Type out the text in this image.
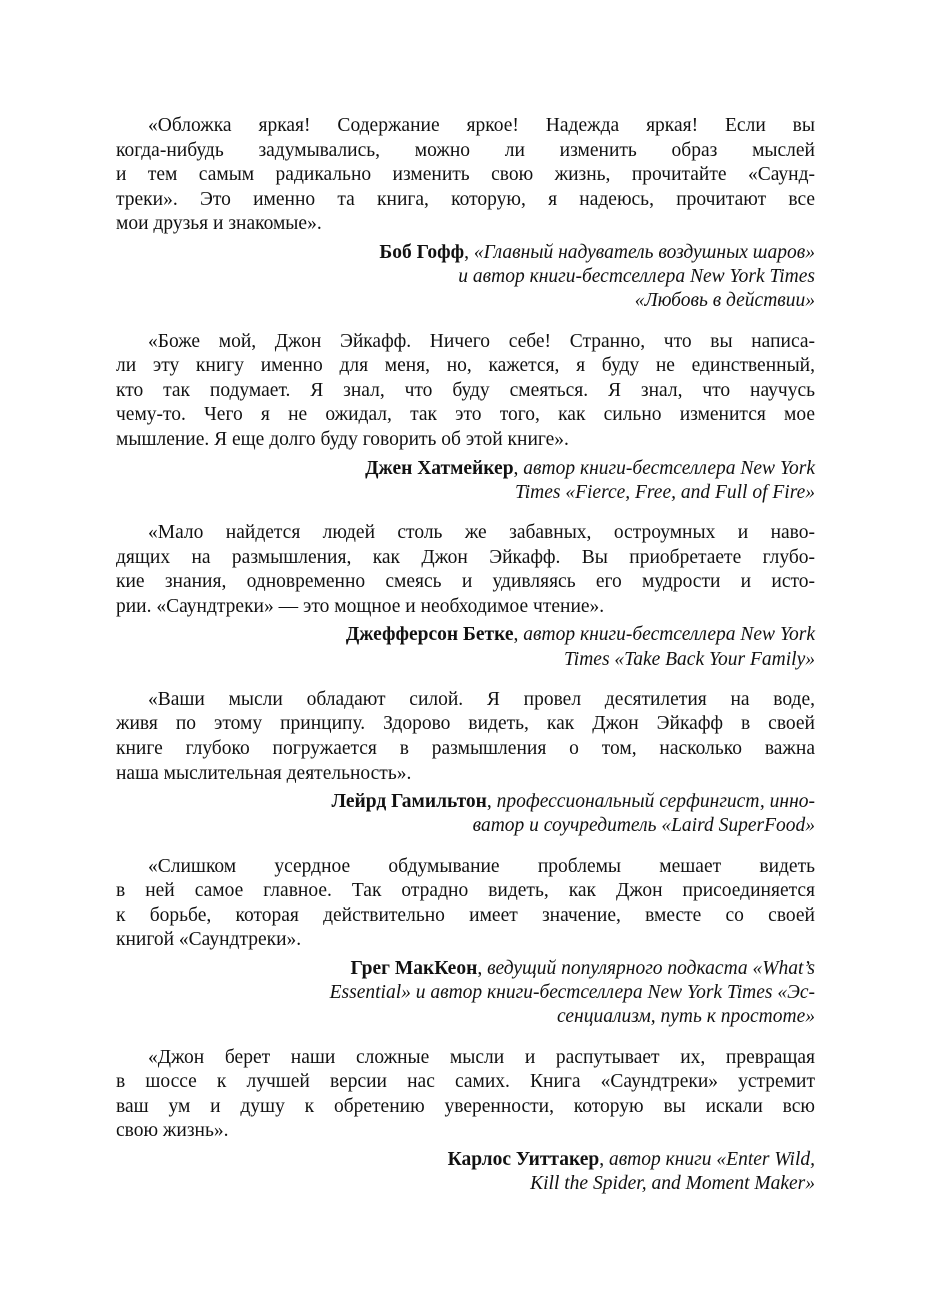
«Обложка яркая! Содержание яркое! Надежда яркая! Если вы
когда-нибудь задумывались, можно ли изменить образ мыслей
и тем самым радикально изменить свою жизнь, прочитайте «Саунд-
треки». Это именно та книга, которую, я надеюсь, прочитают все
мои друзья и знакомые».
Боб Гофф, «Главный надуватель воздушных шаров»
и автор книги-бестселлера New York Times
«Любовь в действии»
«Боже мой, Джон Эйкафф. Ничего себе! Странно, что вы написа-
ли эту книгу именно для меня, но, кажется, я буду не единственный,
кто так подумает. Я знал, что буду смеяться. Я знал, что научусь
чему-то. Чего я не ожидал, так это того, как сильно изменится мое
мышление. Я еще долго буду говорить об этой книге».
Джен Хатмейкер, автор книги-бестселлера New York
Times «Fierce, Free, and Full of Fire»
«Мало найдется людей столь же забавных, остроумных и наво-
дящих на размышления, как Джон Эйкафф. Вы приобретаете глубо-
кие знания, одновременно смеясь и удивляясь его мудрости и исто-
рии. «Саундтреки» — это мощное и необходимое чтение».
Джефферсон Бетке, автор книги-бестселлера New York
Times «Take Back Your Family»
«Ваши мысли обладают силой. Я провел десятилетия на воде,
живя по этому принципу. Здорово видеть, как Джон Эйкафф в своей
книге глубоко погружается в размышления о том, насколько важна
наша мыслительная деятельность».
Лейрд Гамильтон, профессиональный серфингист, инно-
ватор и соучредитель «Laird SuperFood»
«Слишком усердное обдумывание проблемы мешает видеть
в ней самое главное. Так отрадно видеть, как Джон присоединяется
к борьбе, которая действительно имеет значение, вместе со своей
книгой «Саундтреки».
Грег МакКеон, ведущий популярного подкаста «What’s
Essential» и автор книги-бестселлера New York Times «Эс-
сенциализм, путь к простоте»
«Джон берет наши сложные мысли и распутывает их, превращая
в шоссе к лучшей версии нас самих. Книга «Саундтреки» устремит
ваш ум и душу к обретению уверенности, которую вы искали всю
свою жизнь».
Карлос Уиттакер, автор книги «Enter Wild,
Kill the Spider, and Moment Maker»
